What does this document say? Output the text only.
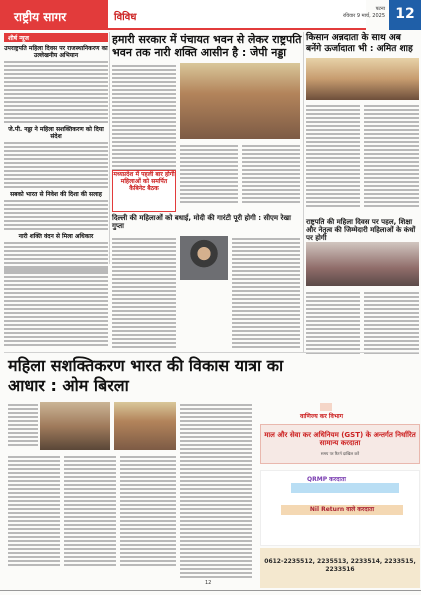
राष्ट्रीय सागर	विविध
पटना
रविवार 9 मार्च, 2025 12
शीर्ष न्यूज
उपराष्ट्रपति महिला दिवस पर राजस्थानिकरण का उल्लेखनीय अभियान
जे.पी. नड्डा ने महिला सशक्तिकरण को दिया संदेश
सबको भारत से निवेश की दिशा की सलाह
नारी शक्ति वंदन से मिला अधिकार
हमारी सरकार में पंचायत भवन से लेकर राष्ट्रपति भवन तक नारी शक्ति आसीन है : जेपी नड्डा
किसान अन्नदाता के साथ अब बनेंगे ऊर्जादाता भी : अमित शाह
मध्यप्रदेश में पहली बार होगी महिलाओं को समर्पित कैबिनेट बैठक
दिल्ली की महिलाओं को बधाई, मोदी की गारंटी पूरी होगी : सीएम रेखा गुप्ता	राष्ट्रपति की महिला दिवस पर पहल, शिक्षा और नेतृत्व की जिम्मेदारी महिलाओं के कंधों पर होगी
महिला सशक्तिकरण भारत की विकास यात्रा का आधार : ओम बिरला
वाणिज्य कर विभाग
माल और सेवा कर अधिनियम (GST) के अन्तर्गत निर्धारित सामान्य करदाता
समय पर रिटर्न दाखिल करें
QRMP करदाता
Nil Return वाले करदाता
0612-2235512, 2235513, 2233514, 2233515, 2233516
12
